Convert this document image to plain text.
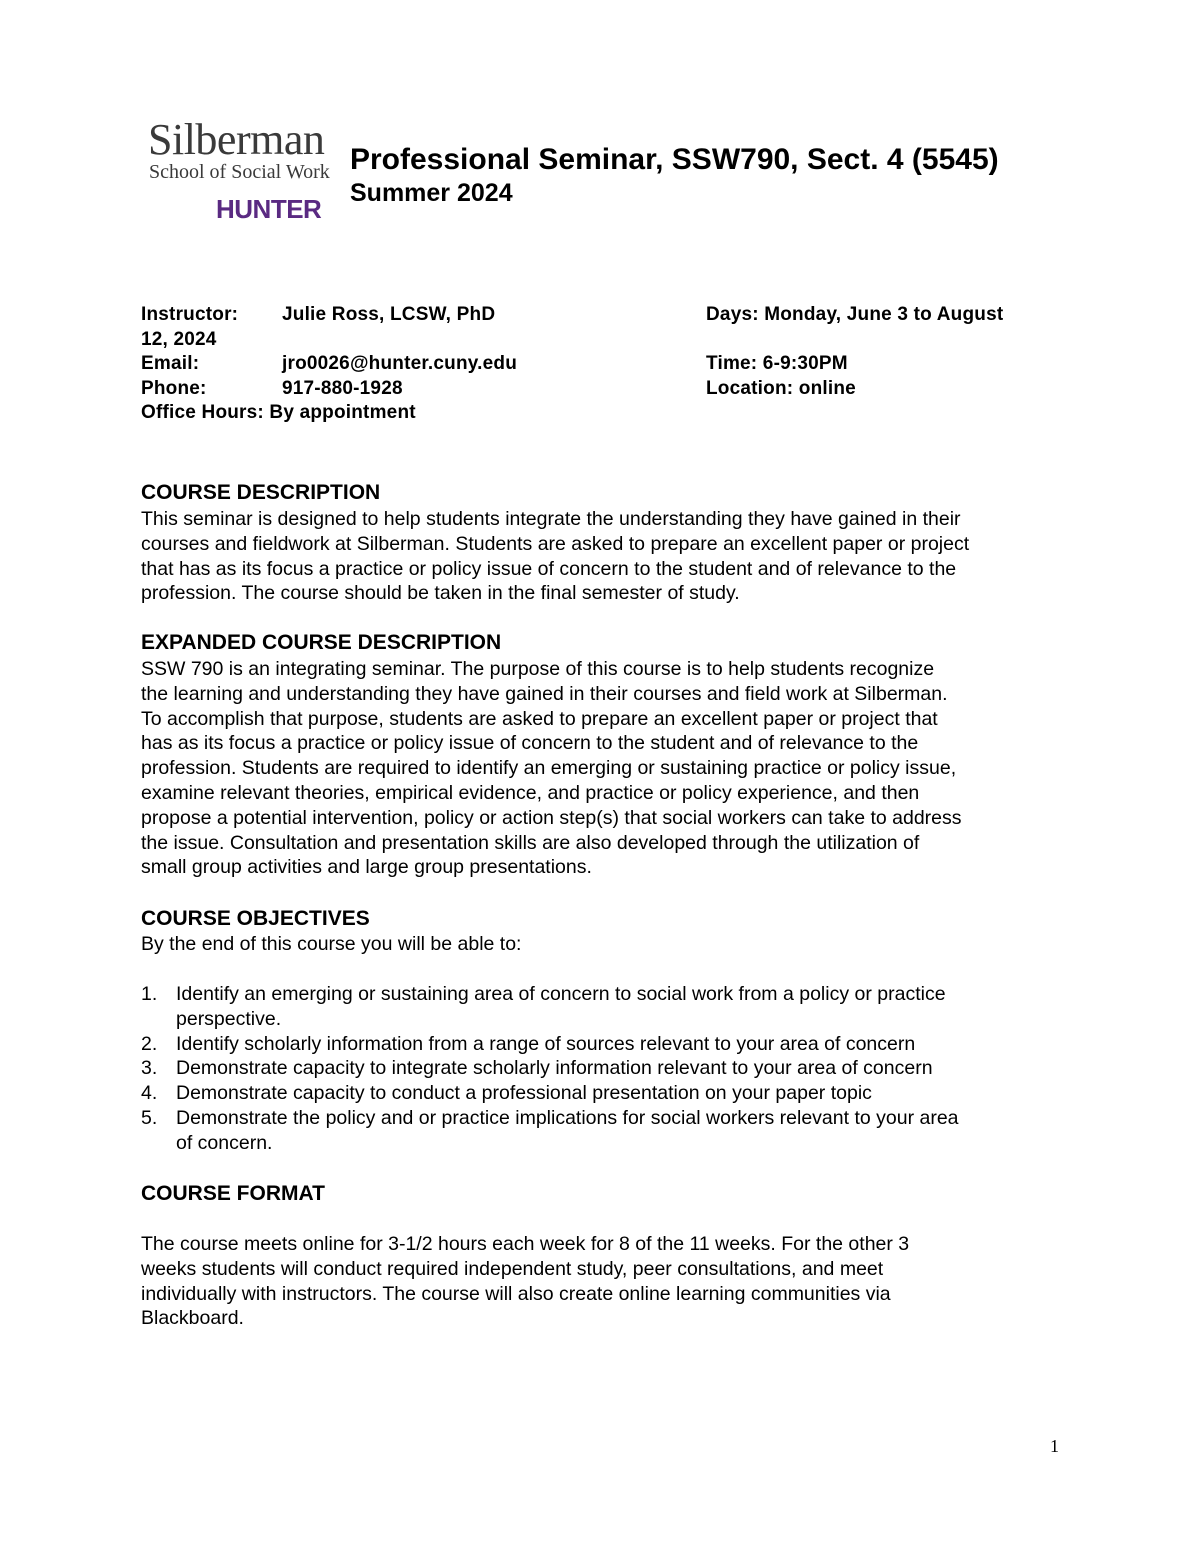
Silberman
School of Social Work
HUNTER
Professional Seminar, SSW790, Sect. 4 (5545)
Summer 2024
Instructor: Julie Ross, LCSW, PhD	Days: Monday, June 3 to August
12, 2024
Email:	jro0026@hunter.cuny.edu	Time: 6-9:30PM
Phone:	917-880-1928	Location: online
Office Hours: By appointment
COURSE DESCRIPTION
This seminar is designed to help students integrate the understanding they have gained in their
courses and fieldwork at Silberman. Students are asked to prepare an excellent paper or project
that has as its focus a practice or policy issue of concern to the student and of relevance to the
profession. The course should be taken in the final semester of study.
EXPANDED COURSE DESCRIPTION
SSW 790 is an integrating seminar. The purpose of this course is to help students recognize
the learning and understanding they have gained in their courses and field work at Silberman.
To accomplish that purpose, students are asked to prepare an excellent paper or project that
has as its focus a practice or policy issue of concern to the student and of relevance to the
profession. Students are required to identify an emerging or sustaining practice or policy issue,
examine relevant theories, empirical evidence, and practice or policy experience, and then
propose a potential intervention, policy or action step(s) that social workers can take to address
the issue. Consultation and presentation skills are also developed through the utilization of
small group activities and large group presentations.
COURSE OBJECTIVES
By the end of this course you will be able to:
1. Identify an emerging or sustaining area of concern to social work from a policy or practice
perspective.
2. Identify scholarly information from a range of sources relevant to your area of concern
3. Demonstrate capacity to integrate scholarly information relevant to your area of concern
4. Demonstrate capacity to conduct a professional presentation on your paper topic
5. Demonstrate the policy and or practice implications for social workers relevant to your area
of concern.
COURSE FORMAT
The course meets online for 3-1/2 hours each week for 8 of the 11 weeks. For the other 3
weeks students will conduct required independent study, peer consultations, and meet
individually with instructors. The course will also create online learning communities via
Blackboard.
1
